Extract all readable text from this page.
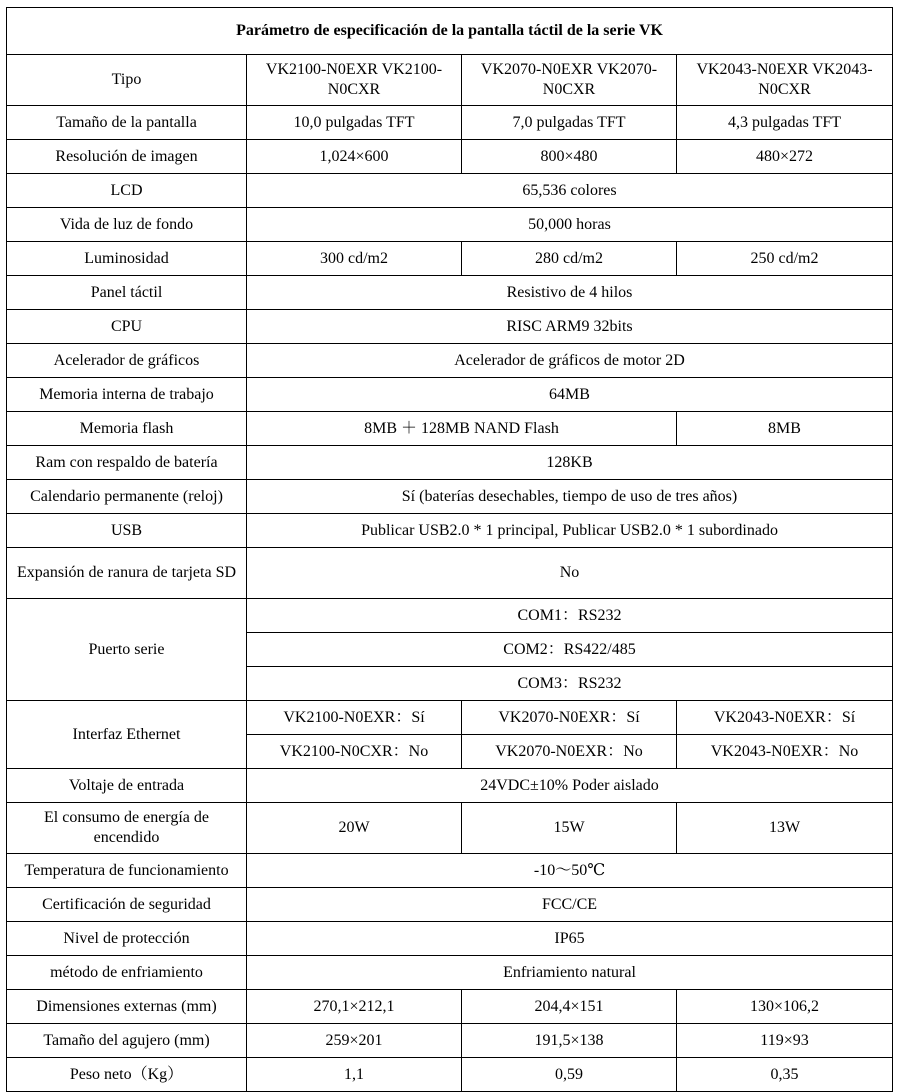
Parámetro de especificación de la pantalla táctil de la serie VK			
Tipo	VK2100-N0EXR VK2100-N0CXR	VK2070-N0EXR VK2070-N0CXR	VK2043-N0EXR VK2043-N0CXR
Tamaño de la pantalla	10,0 pulgadas TFT	7,0 pulgadas TFT	4,3 pulgadas TFT
Resolución de imagen	1,024×600	800×480	480×272
LCD	65,536 colores		
Vida de luz de fondo	50,000 horas		
Luminosidad	300 cd/m2	280 cd/m2	250 cd/m2
Panel táctil	Resistivo de 4 hilos		
CPU	RISC ARM9 32bits		
Acelerador de gráficos	Acelerador de gráficos de motor 2D		
Memoria interna de trabajo	64MB		
Memoria flash	8MB ＋ 128MB NAND Flash		8MB
Ram con respaldo de batería	128KB		
Calendario permanente (reloj)	Sí (baterías desechables, tiempo de uso de tres años)		
USB	Publicar USB2.0 * 1 principal, Publicar USB2.0 * 1 subordinado		
Expansión de ranura de tarjeta SD	No		
Puerto serie	COM1：RS232		
	COM2：RS422/485		
	COM3：RS232		
Interfaz Ethernet	VK2100-N0EXR：Sí	VK2070-N0EXR：Sí	VK2043-N0EXR：Sí
	VK2100-N0CXR：No	VK2070-N0EXR：No	VK2043-N0EXR：No
Voltaje de entrada	24VDC±10% Poder aislado		
El consumo de energía de encendido	20W	15W	13W
Temperatura de funcionamiento	-10～50℃		
Certificación de seguridad	FCC/CE		
Nivel de protección	IP65		
método de enfriamiento	Enfriamiento natural		
Dimensiones externas (mm)	270,1×212,1	204,4×151	130×106,2
Tamaño del agujero (mm)	259×201	191,5×138	119×93
Peso neto（Kg）	1,1	0,59	0,35
